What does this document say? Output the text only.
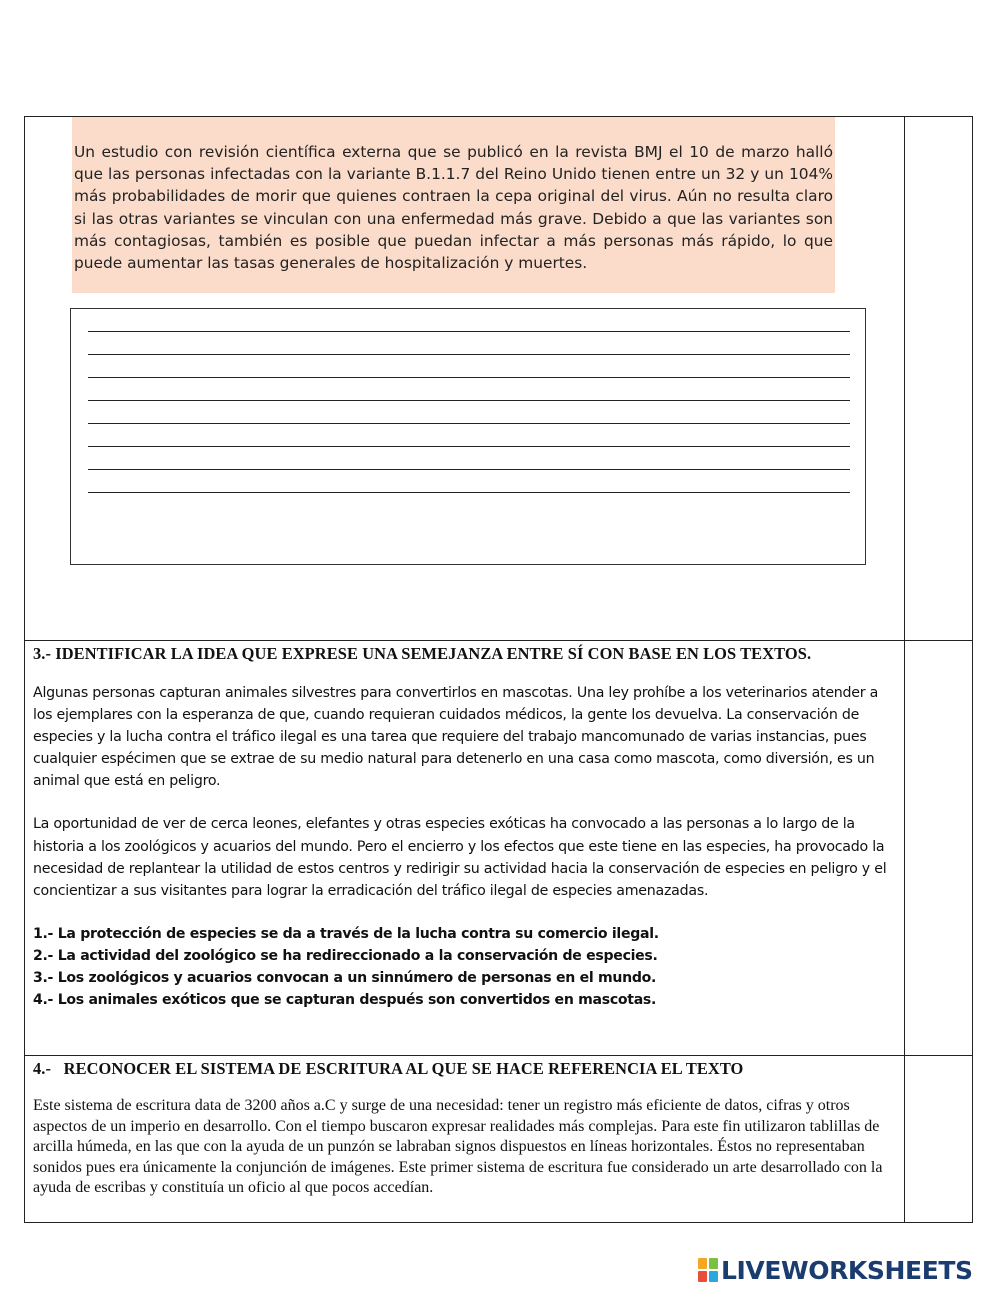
Un estudio con revisión científica externa que se publicó en la revista BMJ el 10 de marzo halló que las personas infectadas con la variante B.1.1.7 del Reino Unido tienen entre un 32 y un 104% más probabilidades de morir que quienes contraen la cepa original del virus. Aún no resulta claro si las otras variantes se vinculan con una enfermedad más grave. Debido a que las variantes son más contagiosas, también es posible que puedan infectar a más personas más rápido, lo que puede aumentar las tasas generales de hospitalización y muertes.

3.- IDENTIFICAR LA IDEA QUE EXPRESE UNA SEMEJANZA ENTRE SÍ CON BASE EN LOS TEXTOS.

Algunas personas capturan animales silvestres para convertirlos en mascotas. Una ley prohíbe a los veterinarios atender a los ejemplares con la esperanza de que, cuando requieran cuidados médicos, la gente los devuelva. La conservación de especies y la lucha contra el tráfico ilegal es una tarea que requiere del trabajo mancomunado de varias instancias, pues cualquier espécimen que se extrae de su medio natural para detenerlo en una casa como mascota, como diversión, es un animal que está en peligro.

La oportunidad de ver de cerca leones, elefantes y otras especies exóticas ha convocado a las personas a lo largo de la historia a los zoológicos y acuarios del mundo. Pero el encierro y los efectos que este tiene en las especies, ha provocado la necesidad de replantear la utilidad de estos centros y redirigir su actividad hacia la conservación de especies en peligro y el concientizar a sus visitantes para lograr la erradicación del tráfico ilegal de especies amenazadas.

1.- La protección de especies se da a través de la lucha contra su comercio ilegal.

2.- La actividad del zoológico se ha redireccionado a la conservación de especies.

3.- Los zoológicos y acuarios convocan a un sinnúmero de personas en el mundo.

4.- Los animales exóticos que se capturan después son convertidos en mascotas.

4.-   RECONOCER EL SISTEMA DE ESCRITURA AL QUE SE HACE REFERENCIA EL TEXTO

Este sistema de escritura data de 3200 años a.C y surge de una necesidad: tener un registro más eficiente de datos, cifras y otros aspectos de un imperio en desarrollo. Con el tiempo buscaron expresar realidades más complejas. Para este fin utilizaron tablillas de arcilla húmeda, en las que con la ayuda de un punzón se labraban signos dispuestos en líneas horizontales. Éstos no representaban sonidos pues era únicamente la conjunción de imágenes. Este primer sistema de escritura fue considerado un arte desarrollado con la ayuda de escribas y constituía un oficio al que pocos accedían.

LIVEWORKSHEETS
